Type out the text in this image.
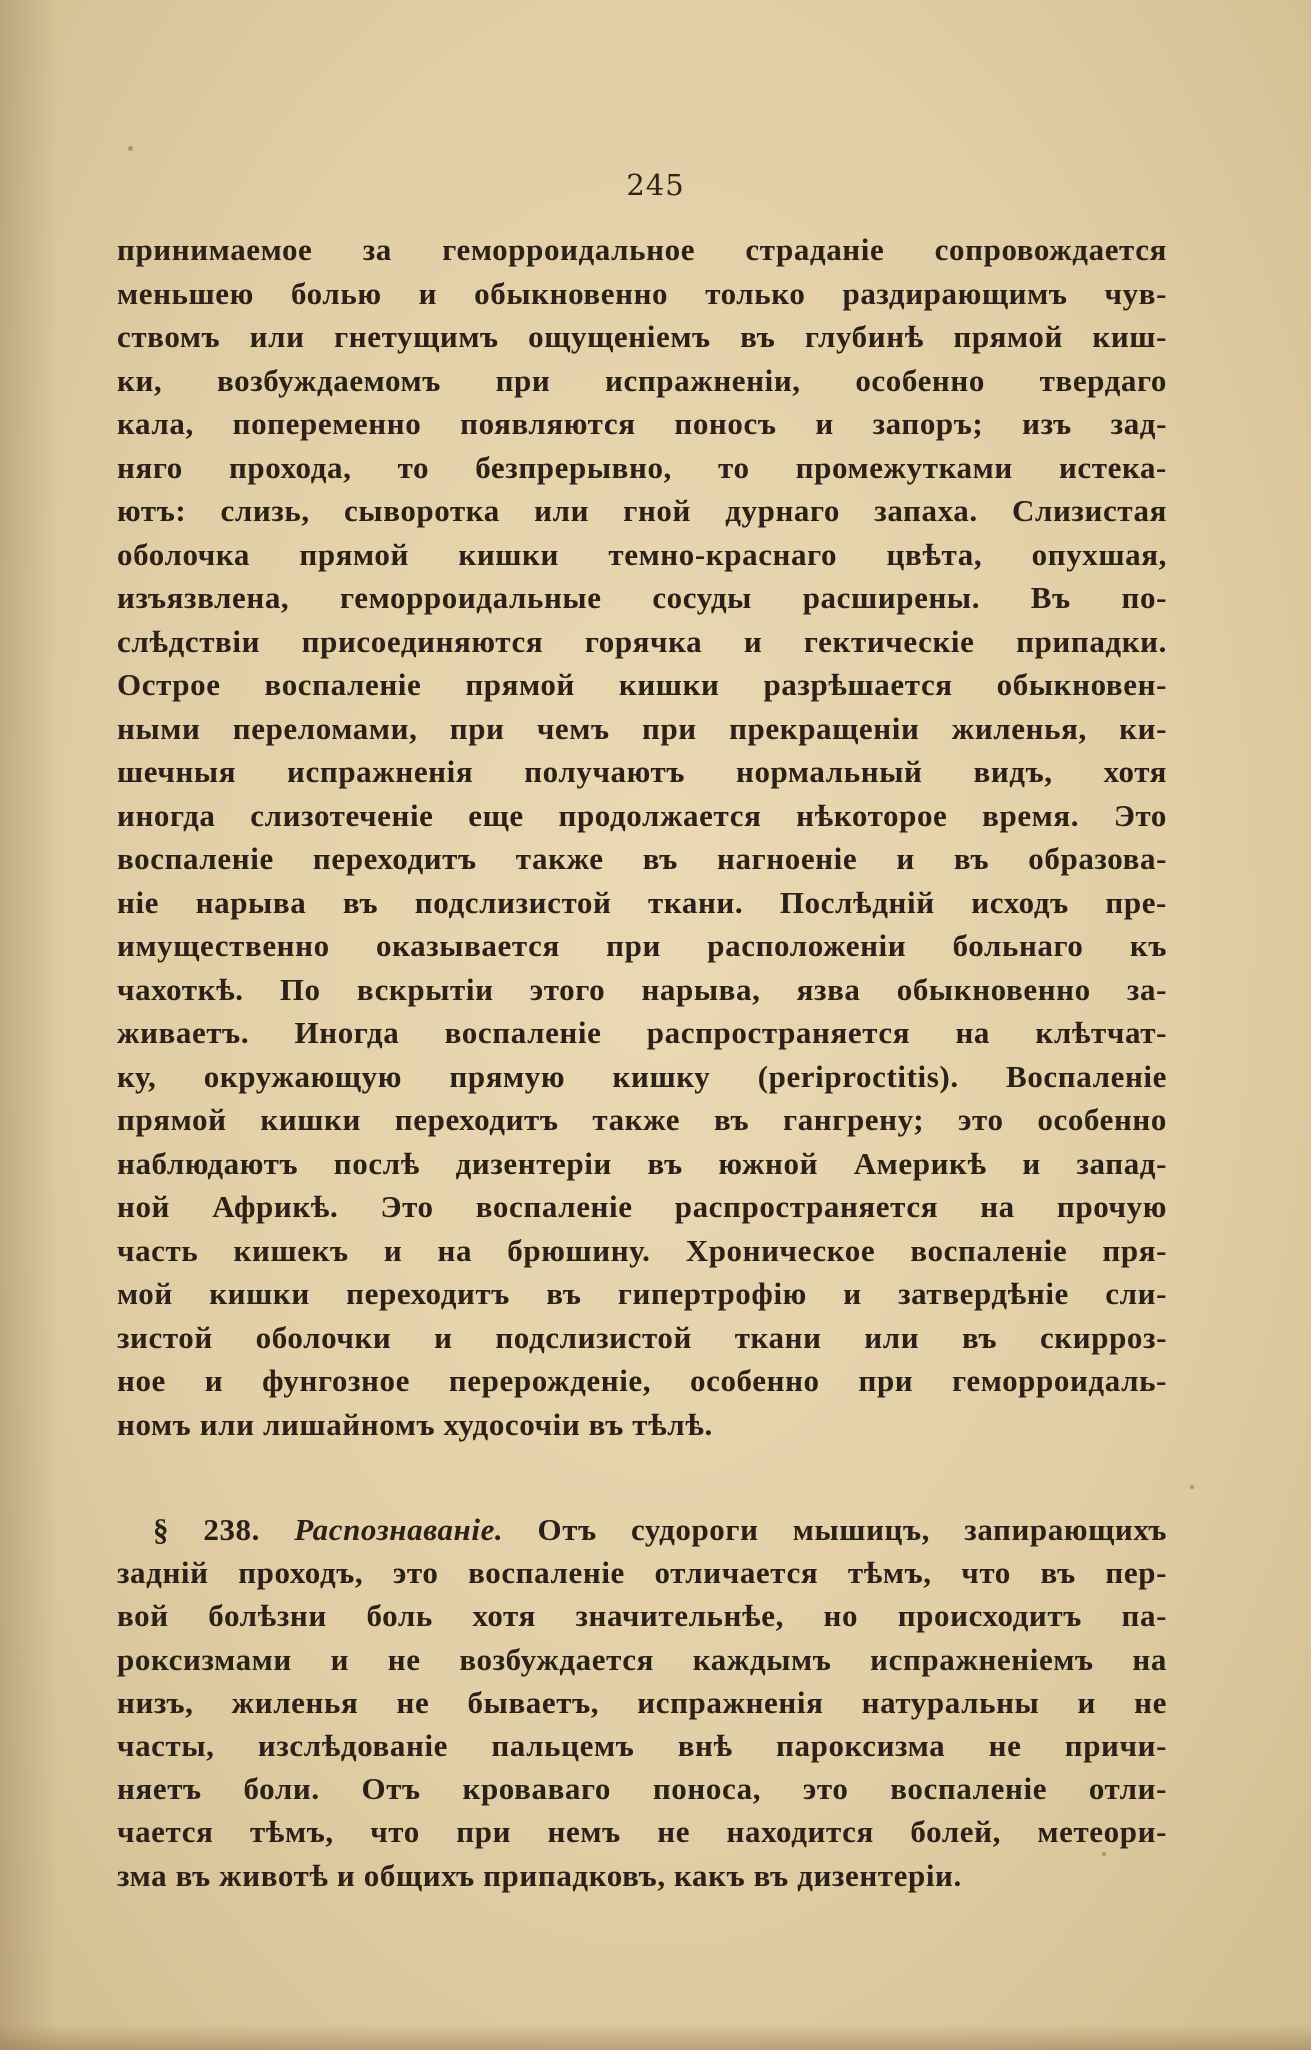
245
принимаемое за геморроидальное страданіе сопровождается
меньшею болью и обыкновенно только раздирающимъ чув-
ствомъ или гнетущимъ ощущеніемъ въ глубинѣ прямой киш-
ки, возбуждаемомъ при испражненіи, особенно твердаго
кала, попеременно появляются поносъ и запоръ; изъ зад-
няго прохода, то безпрерывно, то промежутками истека-
ютъ: слизь, сыворотка или гной дурнаго запаха. Слизистая
оболочка прямой кишки темно-краснаго цвѣта, опухшая,
изъязвлена, геморроидальные сосуды расширены. Въ по-
слѣдствіи присоединяются горячка и гектическіе припадки.
Острое воспаленіе прямой кишки разрѣшается обыкновен-
ными переломами, при чемъ при прекращеніи жиленья, ки-
шечныя испражненія получаютъ нормальный видъ, хотя
иногда слизотеченіе еще продолжается нѣкоторое время. Это
воспаленіе переходитъ также въ нагноеніе и въ образова-
ніе нарыва въ подслизистой ткани. Послѣдній исходъ пре-
имущественно оказывается при расположеніи больнаго къ
чахоткѣ. По вскрытіи этого нарыва, язва обыкновенно за-
живаетъ. Иногда воспаленіе распространяется на клѣтчат-
ку, окружающую прямую кишку (periproctitis). Воспаленіе
прямой кишки переходитъ также въ гангрену; это особенно
наблюдаютъ послѣ дизентеріи въ южной Америкѣ и запад-
ной Африкѣ. Это воспаленіе распространяется на прочую
часть кишекъ и на брюшину. Хроническое воспаленіе пря-
мой кишки переходитъ въ гипертрофію и затвердѣніе сли-
зистой оболочки и подслизистой ткани или въ скирроз-
ное и фунгозное перерожденіе, особенно при геморроидаль-
номъ или лишайномъ худосочіи въ тѣлѣ.
§ 238. Распознаваніе. Отъ судороги мышицъ, запирающихъ
задній проходъ, это воспаленіе отличается тѣмъ, что въ пер-
вой болѣзни боль хотя значительнѣе, но происходитъ па-
роксизмами и не возбуждается каждымъ испражненіемъ на
низъ, жиленья не бываетъ, испражненія натуральны и не
часты, изслѣдованіе пальцемъ внѣ пароксизма не причи-
няетъ боли. Отъ кроваваго поноса, это воспаленіе отли-
чается тѣмъ, что при немъ не находится болей, метеори-
зма въ животѣ и общихъ припадковъ, какъ въ дизентеріи.
